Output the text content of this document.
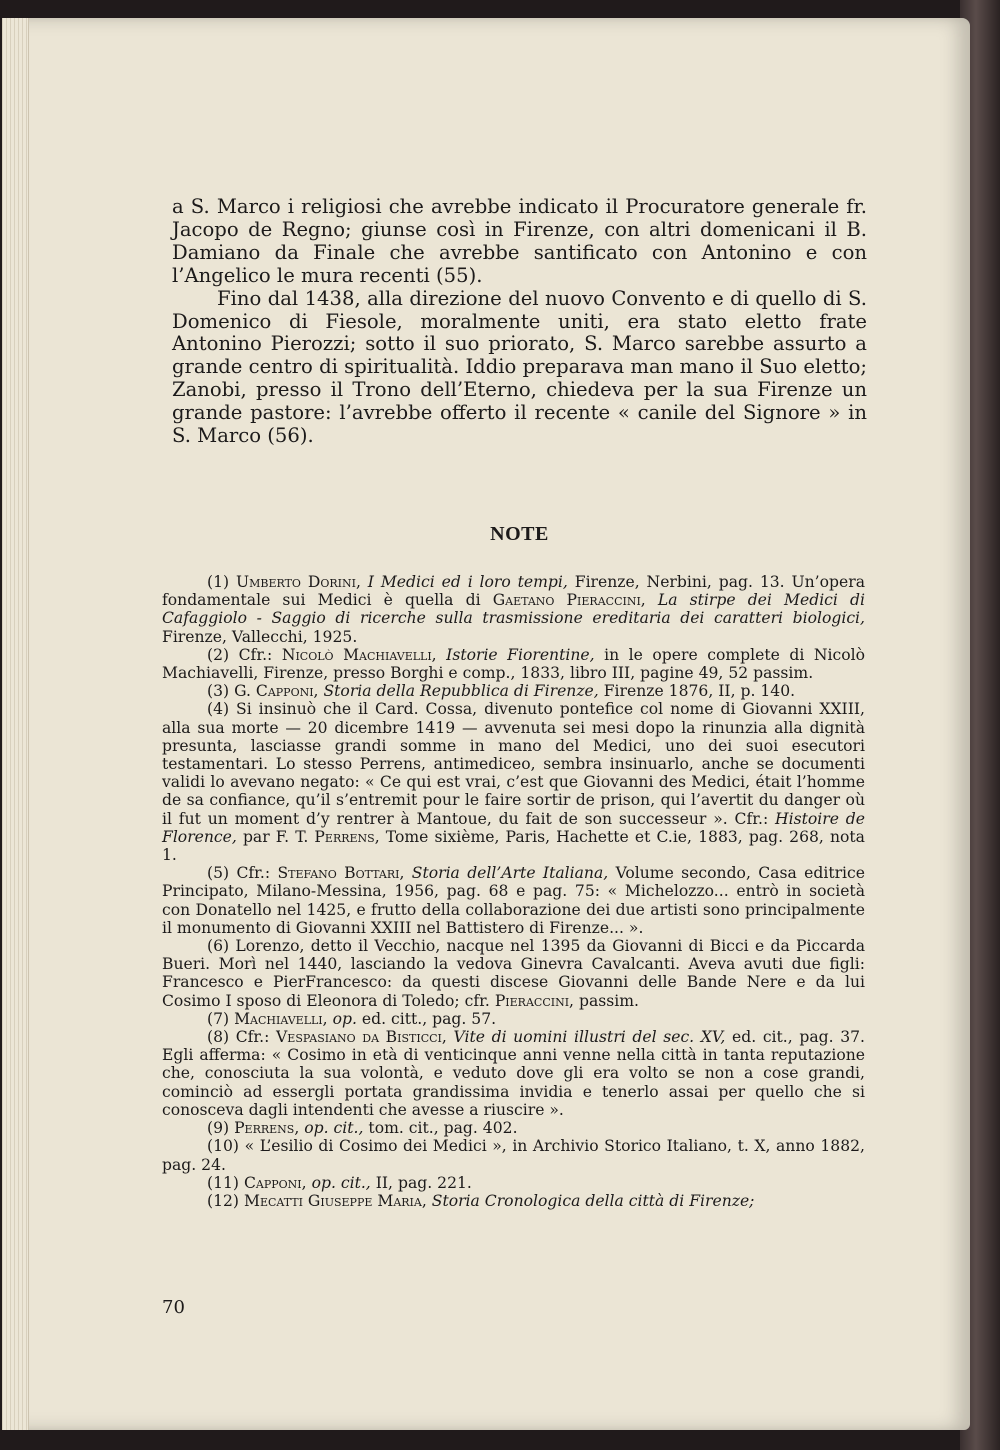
a S. Marco i religiosi che avrebbe indicato il Procuratore generale fr. Jacopo de Regno; giunse così in Firenze, con altri domenicani il B. Damiano da Finale che avrebbe santificato con Antonino e con l’Angelico le mura recenti (55).

Fino dal 1438, alla direzione del nuovo Convento e di quello di S. Domenico di Fiesole, moralmente uniti, era stato eletto frate Antonino Pierozzi; sotto il suo priorato, S. Marco sarebbe assurto a grande centro di spiritualità. Iddio preparava man mano il Suo eletto; Zanobi, presso il Trono dell’Eterno, chiedeva per la sua Firenze un grande pastore: l’avrebbe offerto il recente « canile del Signore » in S. Marco (56).

NOTE

(1) Umberto Dorini, I Medici ed i loro tempi, Firenze, Nerbini, pag. 13. Un’opera fondamentale sui Medici è quella di Gaetano Pieraccini, La stirpe dei Medici di Cafaggiolo - Saggio di ricerche sulla trasmissione ereditaria dei caratteri biologici, Firenze, Vallecchi, 1925.

(2) Cfr.: Nicolò Machiavelli, Istorie Fiorentine, in le opere complete di Nicolò Machiavelli, Firenze, presso Borghi e comp., 1833, libro III, pagine 49, 52 passim.

(3) G. Capponi, Storia della Repubblica di Firenze, Firenze 1876, II, p. 140.

(4) Si insinuò che il Card. Cossa, divenuto pontefice col nome di Giovanni XXIII, alla sua morte — 20 dicembre 1419 — avvenuta sei mesi dopo la rinunzia alla dignità presunta, lasciasse grandi somme in mano del Medici, uno dei suoi esecutori testamentari. Lo stesso Perrens, antimediceo, sembra insinuarlo, anche se documenti validi lo avevano negato: « Ce qui est vrai, c’est que Giovanni des Medici, était l’homme de sa confiance, qu’il s’entremit pour le faire sortir de prison, qui l’avertit du danger où il fut un moment d’y rentrer à Mantoue, du fait de son successeur ». Cfr.: Histoire de Florence, par F. T. Perrens, Tome sixième, Paris, Hachette et C.ie, 1883, pag. 268, nota 1.

(5) Cfr.: Stefano Bottari, Storia dell’Arte Italiana, Volume secondo, Casa editrice Principato, Milano-Messina, 1956, pag. 68 e pag. 75: « Michelozzo... entrò in società con Donatello nel 1425, e frutto della collaborazione dei due artisti sono principalmente il monumento di Giovanni XXIII nel Battistero di Firenze... ».

(6) Lorenzo, detto il Vecchio, nacque nel 1395 da Giovanni di Bicci e da Piccarda Bueri. Morì nel 1440, lasciando la vedova Ginevra Cavalcanti. Aveva avuti due figli: Francesco e PierFrancesco: da questi discese Giovanni delle Bande Nere e da lui Cosimo I sposo di Eleonora di Toledo; cfr. Pieraccini, passim.

(7) Machiavelli, op. ed. citt., pag. 57.

(8) Cfr.: Vespasiano da Bisticci, Vite di uomini illustri del sec. XV, ed. cit., pag. 37. Egli afferma: « Cosimo in età di venticinque anni venne nella città in tanta reputazione che, conosciuta la sua volontà, e veduto dove gli era volto se non a cose grandi, cominciò ad essergli portata grandissima invidia e tenerlo assai per quello che si conosceva dagli intendenti che avesse a riuscire ».

(9) Perrens, op. cit., tom. cit., pag. 402.

(10) « L’esilio di Cosimo dei Medici », in Archivio Storico Italiano, t. X, anno 1882, pag. 24.

(11) Capponi, op. cit., II, pag. 221.

(12) Mecatti Giuseppe Maria, Storia Cronologica della città di Firenze;

70
